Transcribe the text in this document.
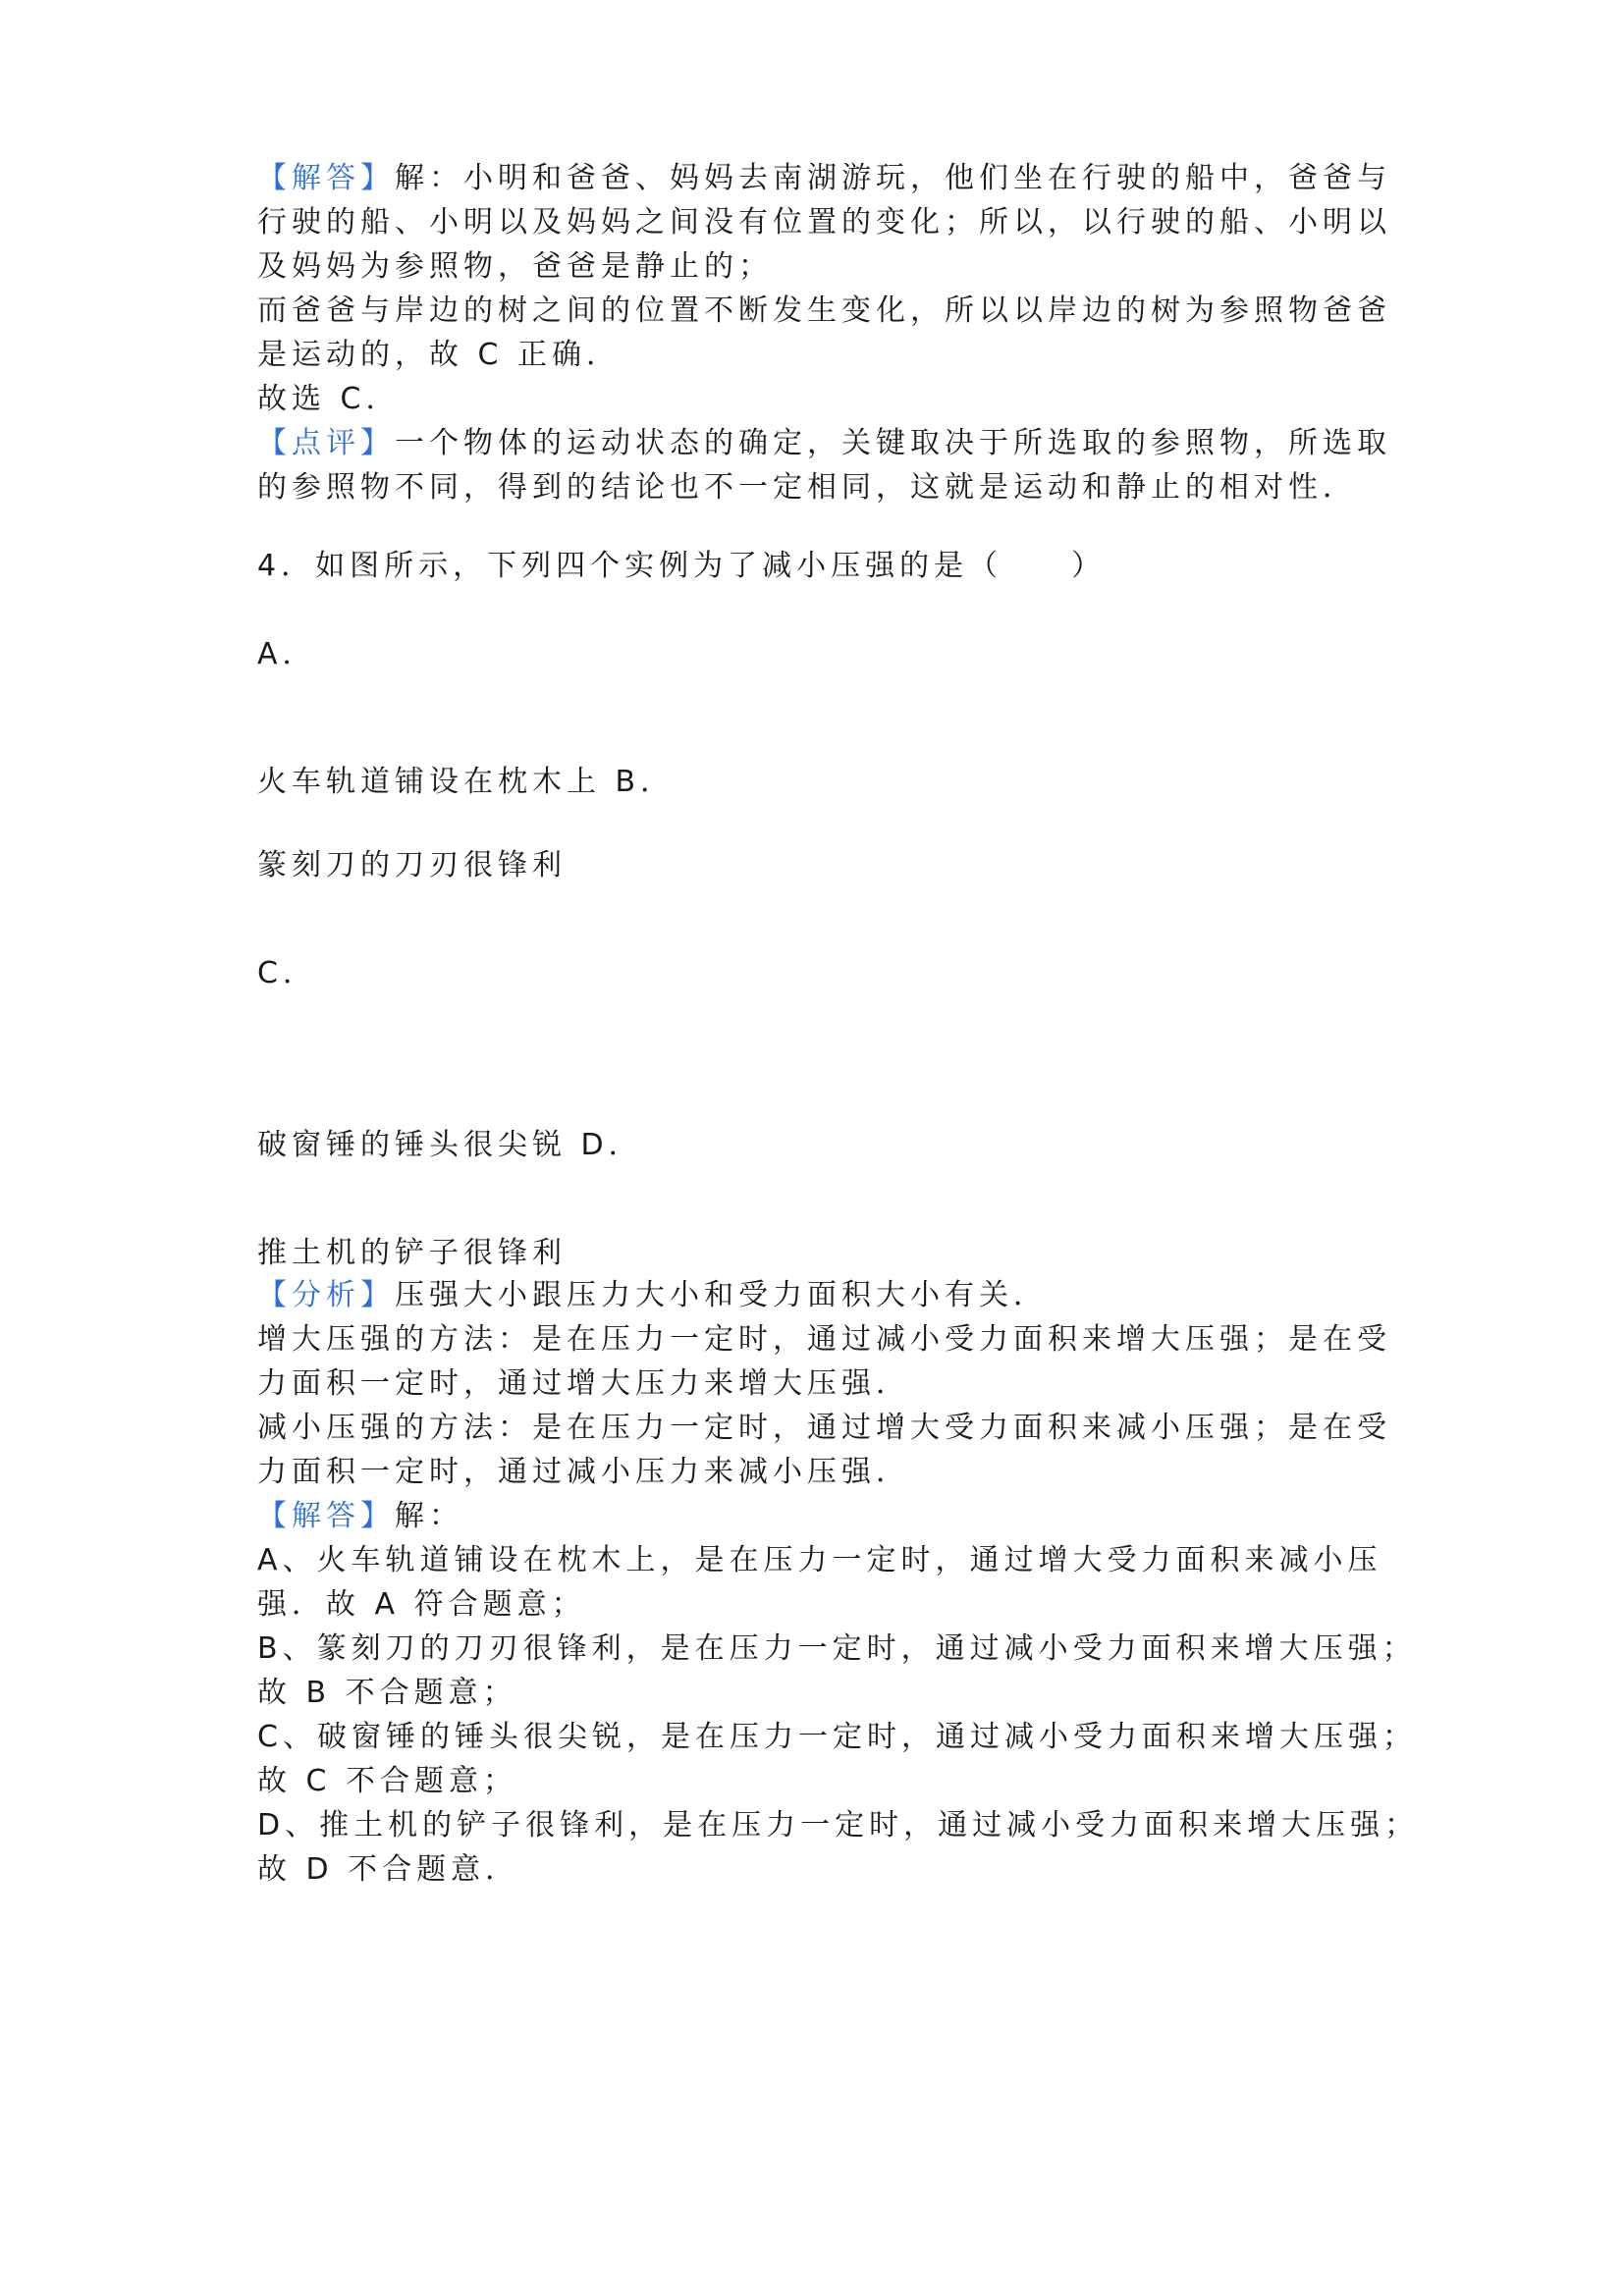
【解答】解：小明和爸爸、妈妈去南湖游玩，他们坐在行驶的船中，爸爸与
行驶的船、小明以及妈妈之间没有位置的变化；所以，以行驶的船、小明以
及妈妈为参照物，爸爸是静止的；
而爸爸与岸边的树之间的位置不断发生变化，所以以岸边的树为参照物爸爸
是运动的，故 C 正确．
故选 C．
【点评】一个物体的运动状态的确定，关键取决于所选取的参照物，所选取
的参照物不同，得到的结论也不一定相同，这就是运动和静止的相对性．
4．如图所示，下列四个实例为了减小压强的是（　　）
A．
火车轨道铺设在枕木上 B．
篆刻刀的刀刃很锋利
C．
破窗锤的锤头很尖锐 D．
推土机的铲子很锋利
【分析】压强大小跟压力大小和受力面积大小有关．
增大压强的方法：是在压力一定时，通过减小受力面积来增大压强；是在受
力面积一定时，通过增大压力来增大压强．
减小压强的方法：是在压力一定时，通过增大受力面积来减小压强；是在受
力面积一定时，通过减小压力来减小压强．
【解答】解：
A、火车轨道铺设在枕木上，是在压力一定时，通过增大受力面积来减小压
强．故 A 符合题意；
B、篆刻刀的刀刃很锋利，是在压力一定时，通过减小受力面积来增大压强；
故 B 不合题意；
C、破窗锤的锤头很尖锐，是在压力一定时，通过减小受力面积来增大压强；
故 C 不合题意；
D、推土机的铲子很锋利，是在压力一定时，通过减小受力面积来增大压强；
故 D 不合题意．
